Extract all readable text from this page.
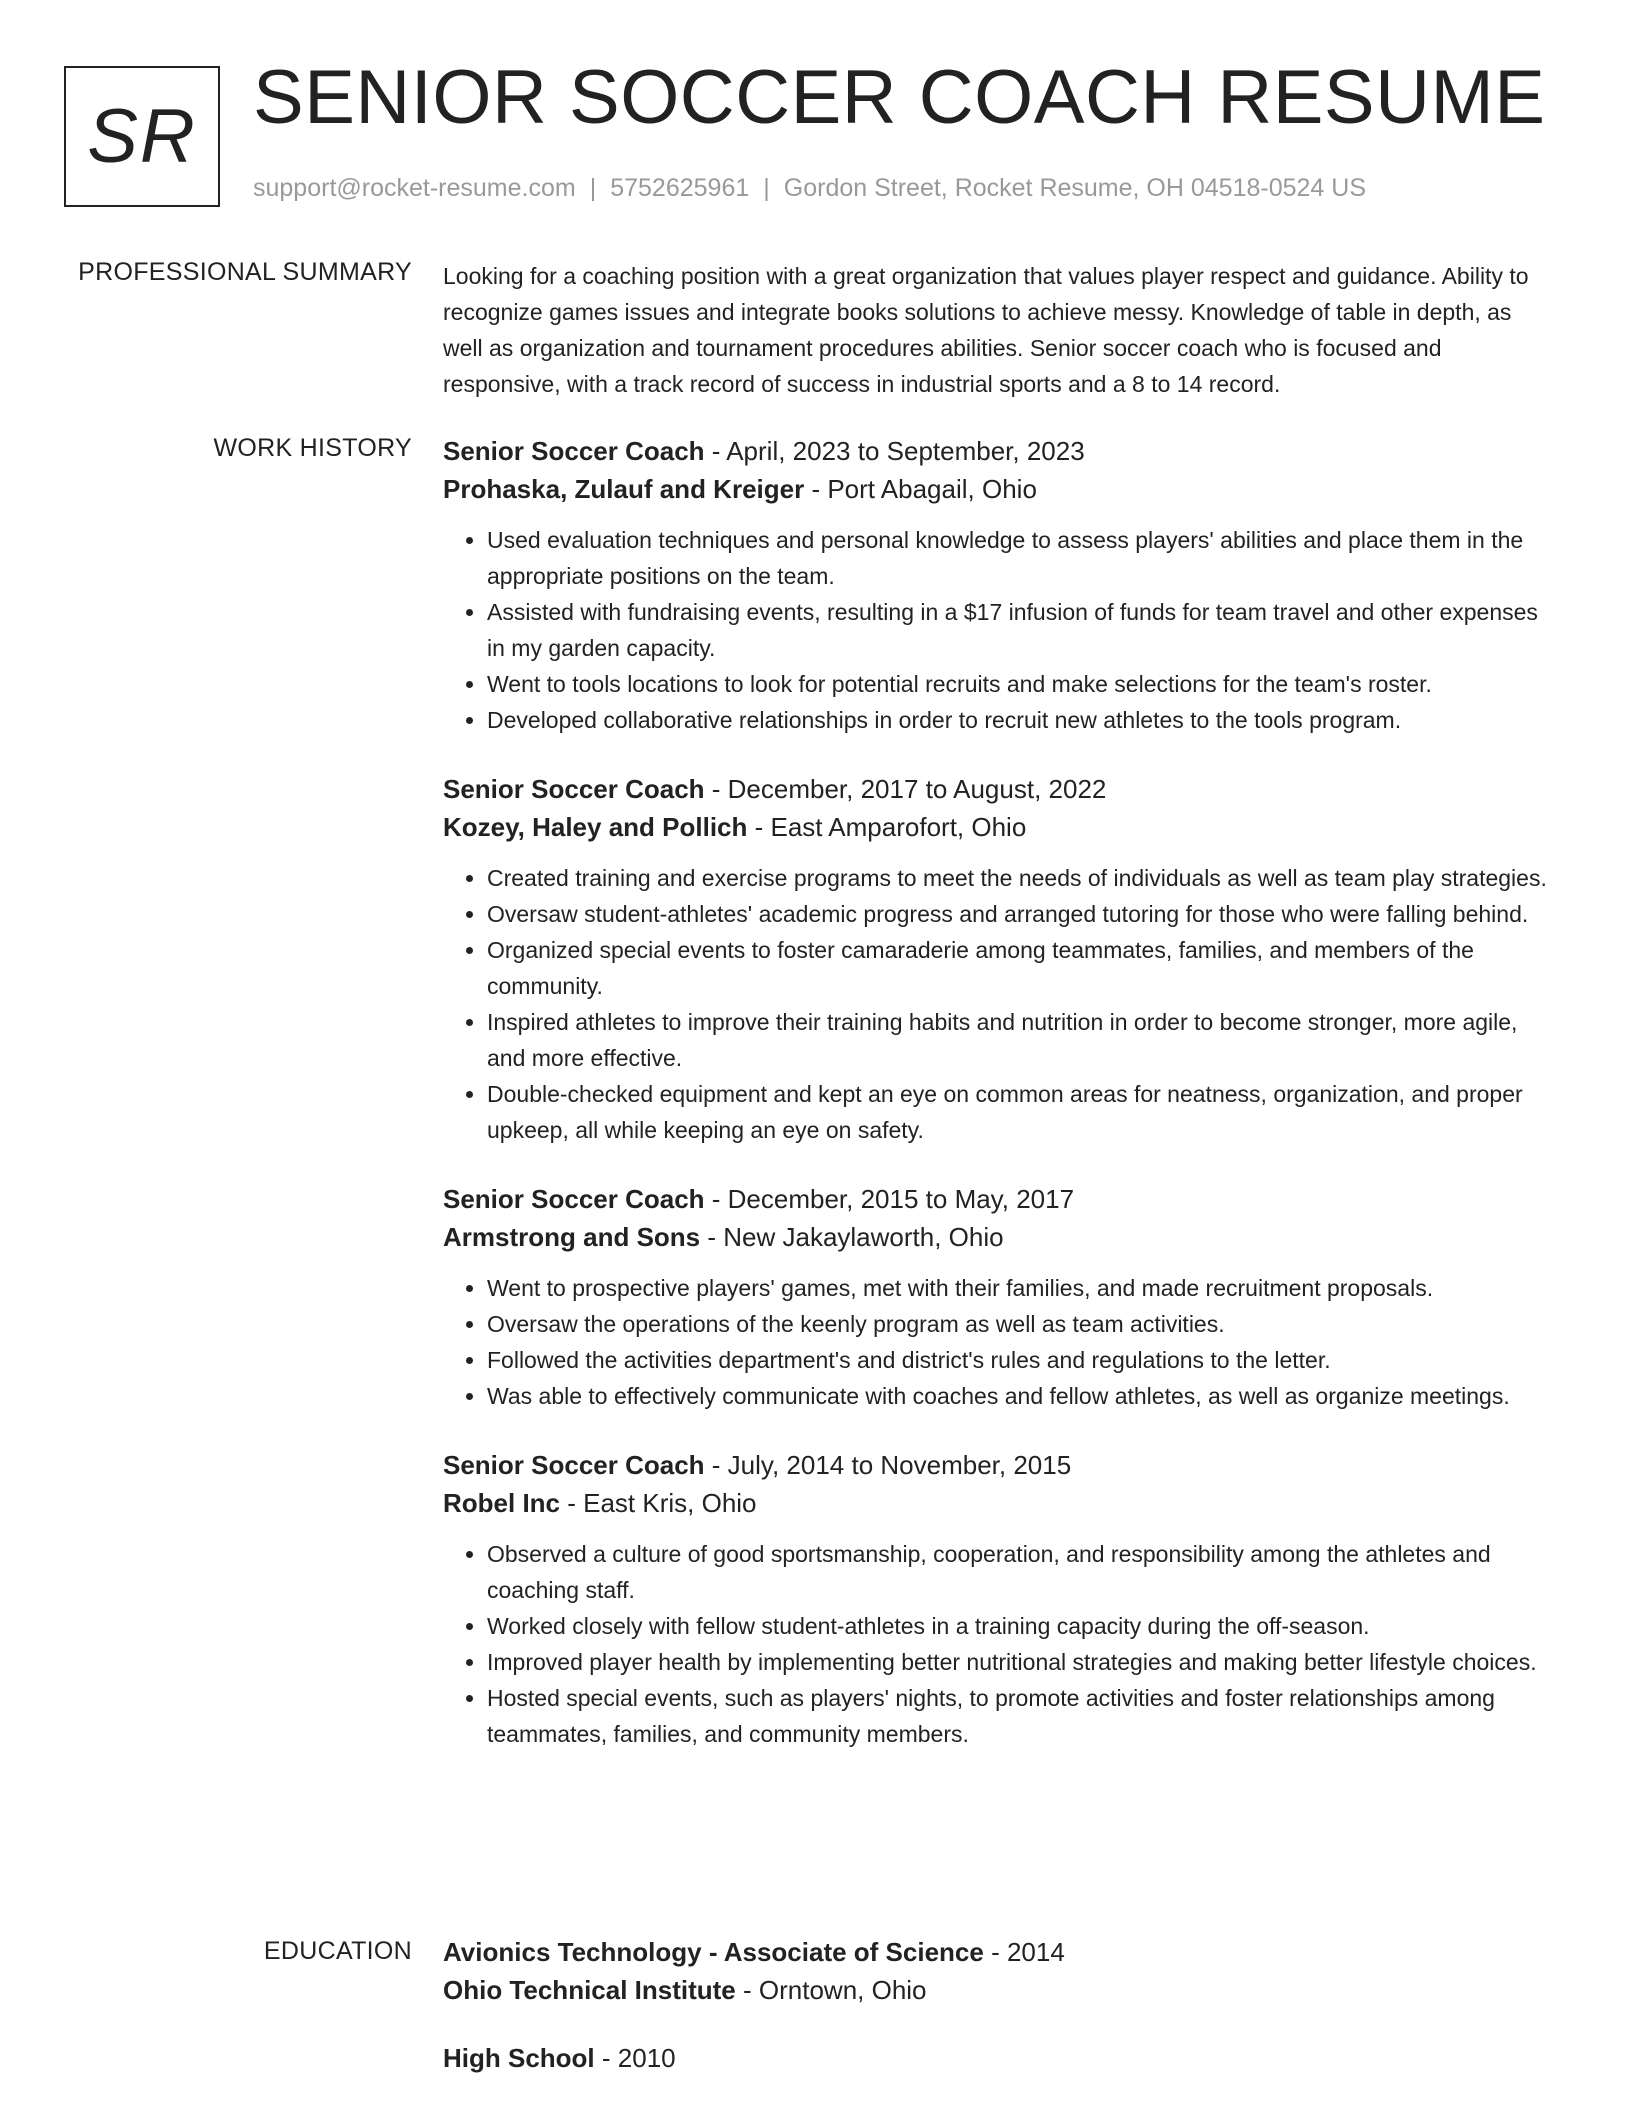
SR SENIOR SOCCER COACH RESUME
support@rocket-resume.com | 5752625961 | Gordon Street, Rocket Resume, OH 04518-0524 US
PROFESSIONAL SUMMARY Looking for a coaching position with a great organization that values player respect and guidance. Ability to recognize games issues and integrate books solutions to achieve messy. Knowledge of table in depth, as well as organization and tournament procedures abilities. Senior soccer coach who is focused and responsive, with a track record of success in industrial sports and a 8 to 14 record.

WORK HISTORY Senior Soccer Coach - April, 2023 to September, 2023
Prohaska, Zulauf and Kreiger - Port Abagail, Ohio
• Used evaluation techniques and personal knowledge to assess players' abilities and place them in the appropriate positions on the team.
• Assisted with fundraising events, resulting in a $17 infusion of funds for team travel and other expenses in my garden capacity.
• Went to tools locations to look for potential recruits and make selections for the team's roster.
• Developed collaborative relationships in order to recruit new athletes to the tools program.
Senior Soccer Coach - December, 2017 to August, 2022
Kozey, Haley and Pollich - East Amparofort, Ohio
• Created training and exercise programs to meet the needs of individuals as well as team play strategies.
• Oversaw student-athletes' academic progress and arranged tutoring for those who were falling behind.
• Organized special events to foster camaraderie among teammates, families, and members of the community.
• Inspired athletes to improve their training habits and nutrition in order to become stronger, more agile, and more effective.
• Double-checked equipment and kept an eye on common areas for neatness, organization, and proper upkeep, all while keeping an eye on safety.
Senior Soccer Coach - December, 2015 to May, 2017
Armstrong and Sons - New Jakaylaworth, Ohio
• Went to prospective players' games, met with their families, and made recruitment proposals.
• Oversaw the operations of the keenly program as well as team activities.
• Followed the activities department's and district's rules and regulations to the letter.
• Was able to effectively communicate with coaches and fellow athletes, as well as organize meetings.
Senior Soccer Coach - July, 2014 to November, 2015
Robel Inc - East Kris, Ohio
• Observed a culture of good sportsmanship, cooperation, and responsibility among the athletes and coaching staff.
• Worked closely with fellow student-athletes in a training capacity during the off-season.
• Improved player health by implementing better nutritional strategies and making better lifestyle choices.
• Hosted special events, such as players' nights, to promote activities and foster relationships among teammates, families, and community members.
EDUCATION Avionics Technology - Associate of Science - 2014
Ohio Technical Institute - Orntown, Ohio
High School - 2010
